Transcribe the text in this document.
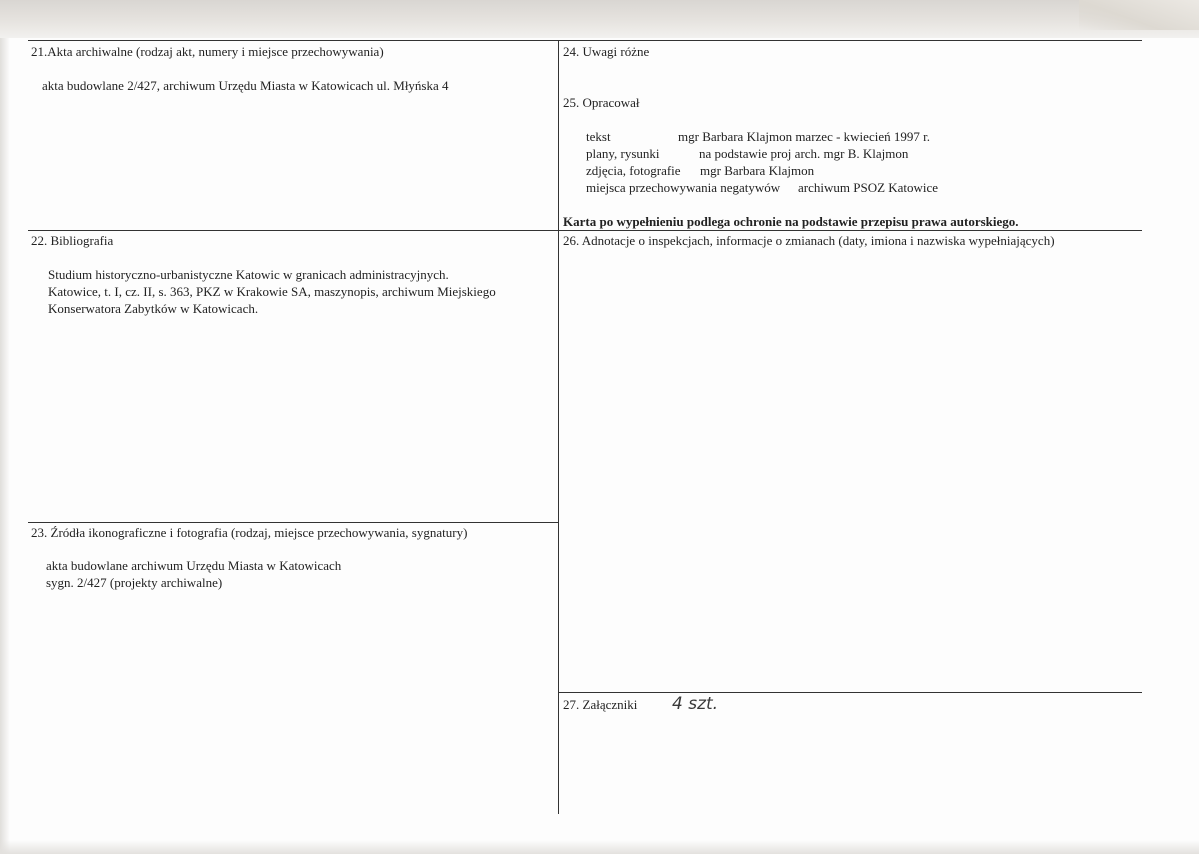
21.Akta archiwalne (rodzaj akt, numery i miejsce przechowywania)
akta budowlane 2/427, archiwum Urzędu Miasta w Katowicach ul. Młyńska 4
22. Bibliografia
Studium historyczno-urbanistyczne Katowic w granicach administracyjnych.
Katowice, t. I, cz. II, s. 363, PKZ w Krakowie SA, maszynopis, archiwum Miejskiego
Konserwatora Zabytków w Katowicach.
23. Źródła ikonograficzne i fotografia (rodzaj, miejsce przechowywania, sygnatury)
akta budowlane archiwum Urzędu Miasta w Katowicach
sygn. 2/427 (projekty archiwalne)
24. Uwagi różne
25. Opracował
tekst	mgr Barbara Klajmon marzec - kwiecień 1997 r.
plany, rysunki	na podstawie proj arch. mgr B. Klajmon
zdjęcia, fotografie mgr Barbara Klajmon
miejsca przechowywania negatywów archiwum PSOZ Katowice
Karta po wypełnieniu podlega ochronie na podstawie przepisu prawa autorskiego.
26. Adnotacje o inspekcjach, informacje o zmianach (daty, imiona i nazwiska wypełniających)
27. Załączniki 4 szt.
